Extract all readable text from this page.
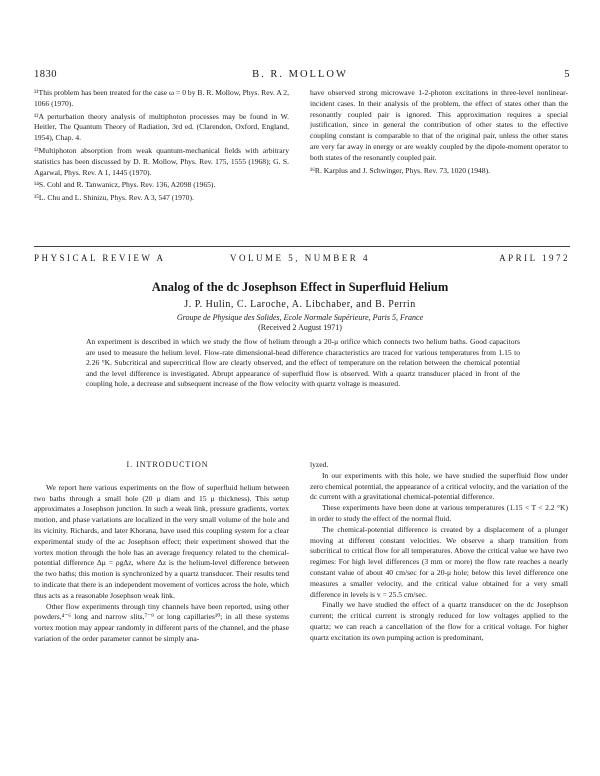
1830	B. R. MOLLOW	5

¹¹This problem has been treated for the case ω = 0 by B. R. Mollow, Phys. Rev. A 2, 1066 (1970).

¹²A perturbation theory analysis of multiphoton processes may be found in W. Heitler, The Quantum Theory of Radiation, 3rd ed. (Clarendon, Oxford, England, 1954), Chap. 4.

¹³Multiphoton absorption from weak quantum-mechanical fields with arbitrary statistics has been discussed by D. R. Mollow, Phys. Rev. 175, 1555 (1968); G. S. Agarwal, Phys. Rev. A 1, 1445 (1970).

¹⁴S. Cohl and R. Tanwanicz, Phys. Rev. 136, A2098 (1965).

¹⁵L. Chu and L. Shinizu, Phys. Rev. A 3, 547 (1970).

have observed strong microwave 1-2-photon excitations in three-level nonlinear-incident cases. In their analysis of the problem, the effect of states other than the resonantly coupled pair is ignored. This approximation requires a special justification, since in general the contribution of other states to the effective coupling constant is comparable to that of the original pair, unless the other states are very far away in energy or are weakly coupled by the dipole-moment operator to both states of the resonantly coupled pair.

¹⁶R. Karplus and J. Schwinger, Phys. Rev. 73, 1020 (1948).

PHYSICAL REVIEW A	VOLUME 5, NUMBER 4	APRIL 1972
Analog of the dc Josephson Effect in Superfluid Helium
J. P. Hulin, C. Laroche, A. Libchaber, and B. Perrin
Groupe de Physique des Solides, Ecole Normale Supérieure, Paris 5, France
(Received 2 August 1971)
An experiment is described in which we study the flow of helium through a 20-μ orifice which connects two helium baths. Good capacitors are used to measure the helium level. Flow-rate dimensional-head difference characteristics are traced for various temperatures from 1.15 to 2.26 °K. Subcritical and supercritical flow are clearly observed, and the effect of temperature on the relation between the chemical potential and the level difference is investigated. Abrupt appearance of superfluid flow is observed. With a quartz transducer placed in front of the coupling hole, a decrease and subsequent increase of the flow velocity with quartz voltage is measured.

I. INTRODUCTION

We report here various experiments on the flow of superfluid helium between two baths through a small hole (20 μ diam and 15 μ thickness). This setup approximates a Josephson junction. In such a weak link, pressure gradients, vortex motion, and phase variations are localized in the very small volume of the hole and its vicinity. Richards, and later Khorana, have used this coupling system for a clear experimental study of the ac Josephson effect; their experiment showed that the vortex motion through the hole has an average frequency related to the chemical-potential difference Δμ = ρgΔz, where Δz is the helium-level difference between the two baths; this motion is synchronized by a quartz transducer. Their results tend to indicate that there is an independent movement of vortices across the hole, which thus acts as a reasonable Josephson weak link.

Other flow experiments through tiny channels have been reported, using other powders,⁴⁻⁶ long and narrow slits,⁷⁻⁹ or long capillaries¹⁰; in all these systems vortex motion may appear randomly in different parts of the channel, and the phase variation of the order parameter cannot be simply ana-

lyzed.

In our experiments with this hole, we have studied the superfluid flow under zero chemical potential, the appearance of a critical velocity, and the variation of the dc current with a gravitational chemical-potential difference.

These experiments have been done at various temperatures (1.15 < T < 2.2 °K) in order to study the effect of the normal fluid.

The chemical-potential difference is created by a displacement of a plunger moving at different constant velocities. We observe a sharp transition from subcritical to critical flow for all temperatures. Above the critical value we have two regimes: For high level differences (3 mm or more) the flow rate reaches a nearly constant value of about 40 cm/sec for a 20-μ hole; below this level difference one measures a smaller velocity, and the critical value obtained for a very small difference in levels is v = 25.5 cm/sec.

Finally we have studied the effect of a quartz transducer on the dc Josephson current; the critical current is strongly reduced for low voltages applied to the quartz; we can reach a cancellation of the flow for a critical voltage. For higher quartz excitation its own pumping action is predominant,
